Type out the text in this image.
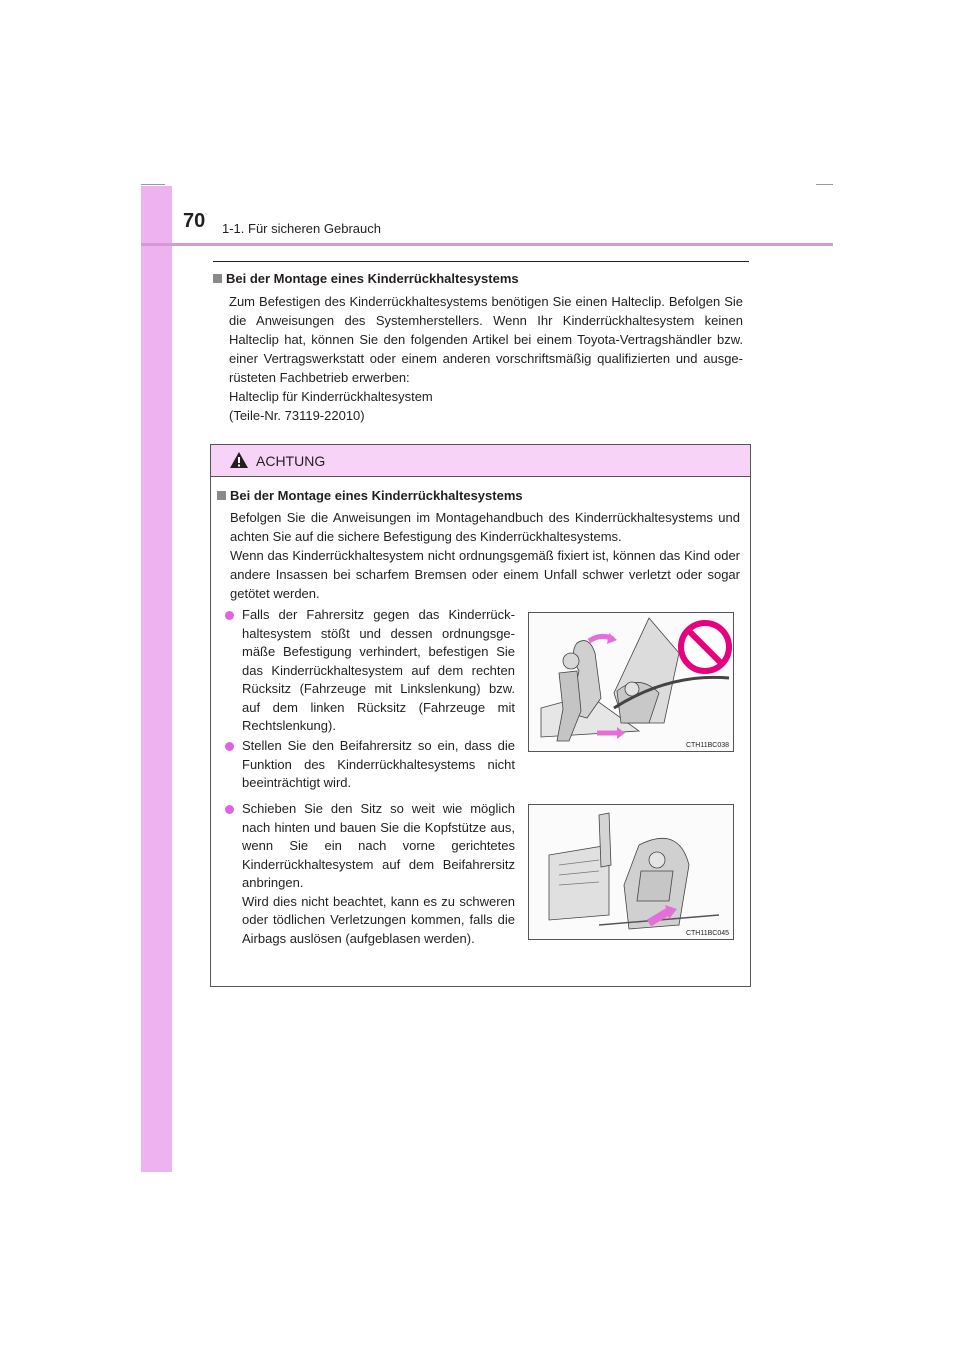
70 1-1. Für sicheren Gebrauch
Bei der Montage eines Kinderrückhaltesystems
Zum Befestigen des Kinderrückhaltesystems benötigen Sie einen Halteclip. Befolgen Sie die Anweisungen des Systemherstellers. Wenn Ihr Kinderrückhaltesystem keinen Halteclip hat, können Sie den folgenden Artikel bei einem Toyota-Vertragshändler bzw. einer Vertragswerkstatt oder einem anderen vorschriftsmäßig qualifizierten und ausgerüsteten Fachbetrieb erwerben:
Halteclip für Kinderrückhaltesystem
(Teile-Nr. 73119-22010)
ACHTUNG
Bei der Montage eines Kinderrückhaltesystems
Befolgen Sie die Anweisungen im Montagehandbuch des Kinderrückhaltesystems und achten Sie auf die sichere Befestigung des Kinderrückhaltesystems.
Wenn das Kinderrückhaltesystem nicht ordnungsgemäß fixiert ist, können das Kind oder andere Insassen bei scharfem Bremsen oder einem Unfall schwer verletzt oder sogar getötet werden.
Falls der Fahrersitz gegen das Kinderrückhaltesystem stößt und dessen ordnungsgemäße Befestigung verhindert, befestigen Sie das Kinderrückhaltesystem auf dem rechten Rücksitz (Fahrzeuge mit Linkslenkung) bzw. auf dem linken Rücksitz (Fahrzeuge mit Rechtslenkung).
Stellen Sie den Beifahrersitz so ein, dass die Funktion des Kinderrückhaltesystems nicht beeinträchtigt wird.
Schieben Sie den Sitz so weit wie möglich nach hinten und bauen Sie die Kopfstütze aus, wenn Sie ein nach vorne gerichtetes Kinderrückhaltesystem auf dem Beifahrersitz anbringen.
Wird dies nicht beachtet, kann es zu schweren oder tödlichen Verletzungen kommen, falls die Airbags auslösen (aufgeblasen werden).
CTH11BC038
CTH11BC045
